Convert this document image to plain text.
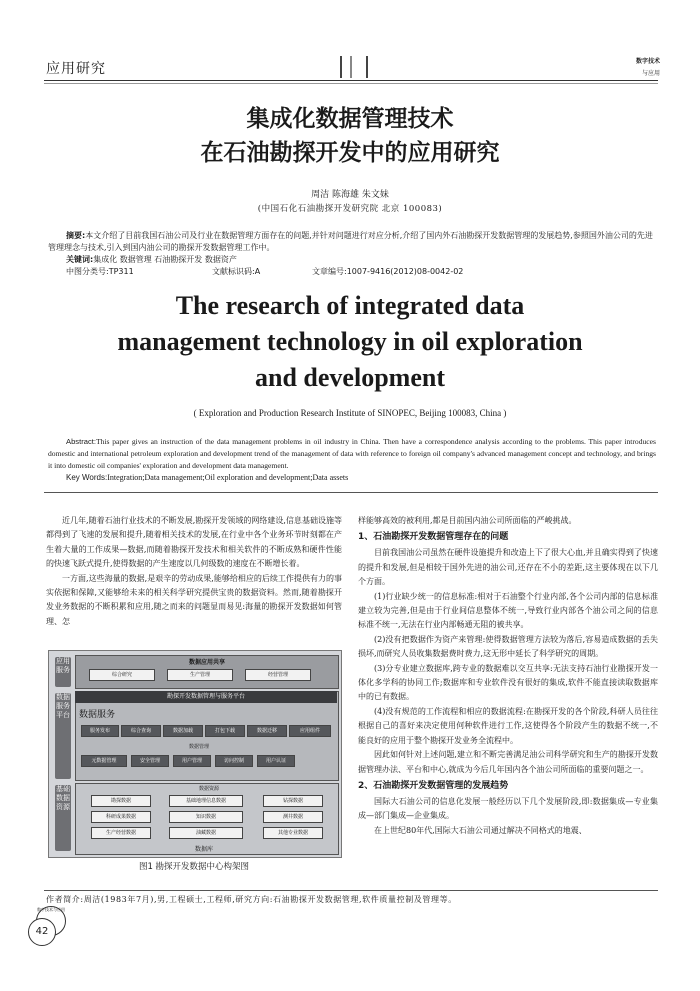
应用研究	数字技术
与应用
集成化数据管理技术
在石油勘探开发中的应用研究
周洁 陈海雄 朱文妹
(中国石化石油勘探开发研究院 北京 100083)
摘要:本文介绍了目前我国石油公司及行业在数据管理方面存在的问题,并针对问题进行对应分析,介绍了国内外石油勘探开发数据管理的发展趋势,参照国外油公司的先进管理理念与技术,引入到国内油公司的勘探开发数据管理工作中。
关键词:集成化 数据管理 石油勘探开发 数据资产
中图分类号:TP311	文献标识码:A	文章编号:1007-9416(2012)08-0042-02
The research of integrated data
management technology in oil exploration
and development
( Exploration and Production Research Institute of SINOPEC, Beijing 100083, China )
Abstract:This paper gives an instruction of the data management problems in oil industry in China. Then have a correspondence analysis according to the problems. This paper introduces domestic and international petroleum exploration and development trend of the management of data with reference to foreign oil company's advanced management concept and technology, and brings it into domestic oil companies' exploration and development data management.
Key Words:Integration;Data management;Oil exploration and development;Data assets

近几年,随着石油行业技术的不断发展,勘探开发领域的网络建设,信息基础设施等都得到了飞速的发展和提升,随着相关技术的发展,在行业中各个业务环节时刻都在产生着大量的工作成果—数据,而随着勘探开发技术和相关软件的不断成熟和硬件性能的快速飞跃式提升,使得数据的产生速度以几何级数的速度在不断增长着。

一方面,这些海量的数据,是艰辛的劳动成果,能够给相应的后续工作提供有力的事实依据和保障,又能够给未来的相关科学研究提供宝贵的数据资料。然而,随着勘探开发业务数据的不断积累和应用,随之而来的问题显而易见:海量的勘探开发数据如何管理、怎

应用服务
数据应用共享
综合研究	生产管理	经营管理
数据服务平台
勘探开发数据管理与服务平台
数据服务
服务发布	综合查询	数据加载	打包下载	数据迁移	应用组件
数据管理
元数据管理	安全管理	用户管理	访问控制	用户认证
基础数据资源
数据资源
勘探数据	基础地理信息数据	钻探数据
科研成果数据	知识数据	测井数据
生产经营数据	油藏数据	其他专业数据
数据库
图1 勘探开发数据中心构架图

样能够高效的被利用,都是目前国内油公司所面临的严峻挑战。

1、石油勘探开发数据管理存在的问题

目前我国油公司虽然在硬件设施提升和改造上下了很大心血,并且确实得到了快速的提升和发展,但是相较于国外先进的油公司,还存在不小的差距,这主要体现在以下几个方面。

(1)行业缺少统一的信息标准:相对于石油整个行业内部,各个公司内部的信息标准建立较为完善,但是由于行业间信息整体不统一,导致行业内部各个油公司之间的信息标准不统一,无法在行业内部畅通无阻的被共享。

(2)没有把数据作为资产来管理:使得数据管理方法较为落后,容易造成数据的丢失损坏,而研究人员收集数据费时费力,这无形中延长了科学研究的周期。

(3)分专业建立数据库,跨专业的数据难以交互共享:无法支持石油行业勘探开发一体化多学科的协同工作;数据库和专业软件没有很好的集成,软件不能直接读取数据库中的已有数据。

(4)没有规范的工作流程和相应的数据流程:在勘探开发的各个阶段,科研人员往往根据自己的喜好来决定使用何种软件进行工作,这使得各个阶段产生的数据不统一,不能良好的应用于整个勘探开发业务全流程中。

因此如何针对上述问题,建立和不断完善满足油公司科学研究和生产的勘探开发数据管理办法、平台和中心,就成为今后几年国内各个油公司所面临的重要问题之一。

2、石油勘探开发数据管理的发展趋势

国际大石油公司的信息化发展一般经历以下几个发展阶段,即:数据集成—专业集成—部门集成—企业集成。

在上世纪80年代,国际大石油公司通过解决不同格式的地震、

作者简介:周洁(1983年7月),男,工程硕士,工程师,研究方向:石油勘探开发数据管理,软件质量控制及管理等。
数字技术与应用
42
